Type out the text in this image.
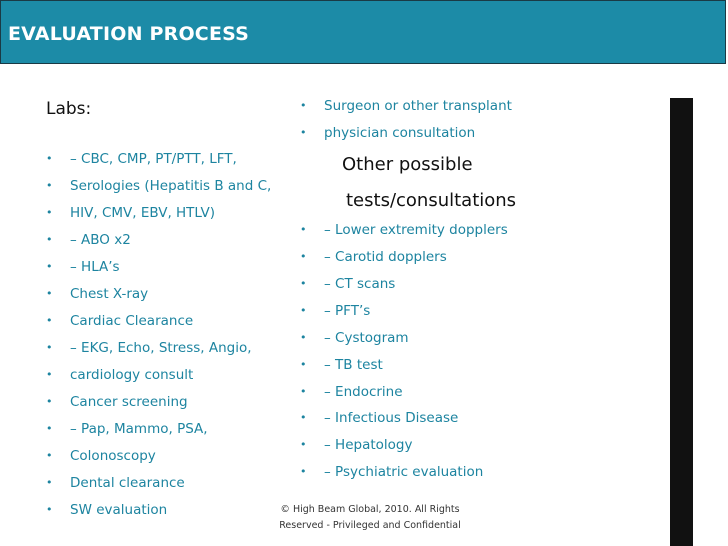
EVALUATION PROCESS
Labs:
• – CBC, CMP, PT/PTT, LFT,
• Serologies (Hepatitis B and C,
• HIV, CMV, EBV, HTLV)
• – ABO x2
• – HLA’s
• Chest X-ray
• Cardiac Clearance
• – EKG, Echo, Stress, Angio,
• cardiology consult
• Cancer screening
• – Pap, Mammo, PSA,
• Colonoscopy
• Dental clearance
• SW evaluation
• Surgeon or other transplant
• physician consultation
Other possible
tests/consultations
• – Lower extremity dopplers
• – Carotid dopplers
• – CT scans
• – PFT’s
• – Cystogram
• – TB test
• – Endocrine
• – Infectious Disease
• – Hepatology
• – Psychiatric evaluation
© High Beam Global, 2010. All Rights
Reserved - Privileged and Confidential
